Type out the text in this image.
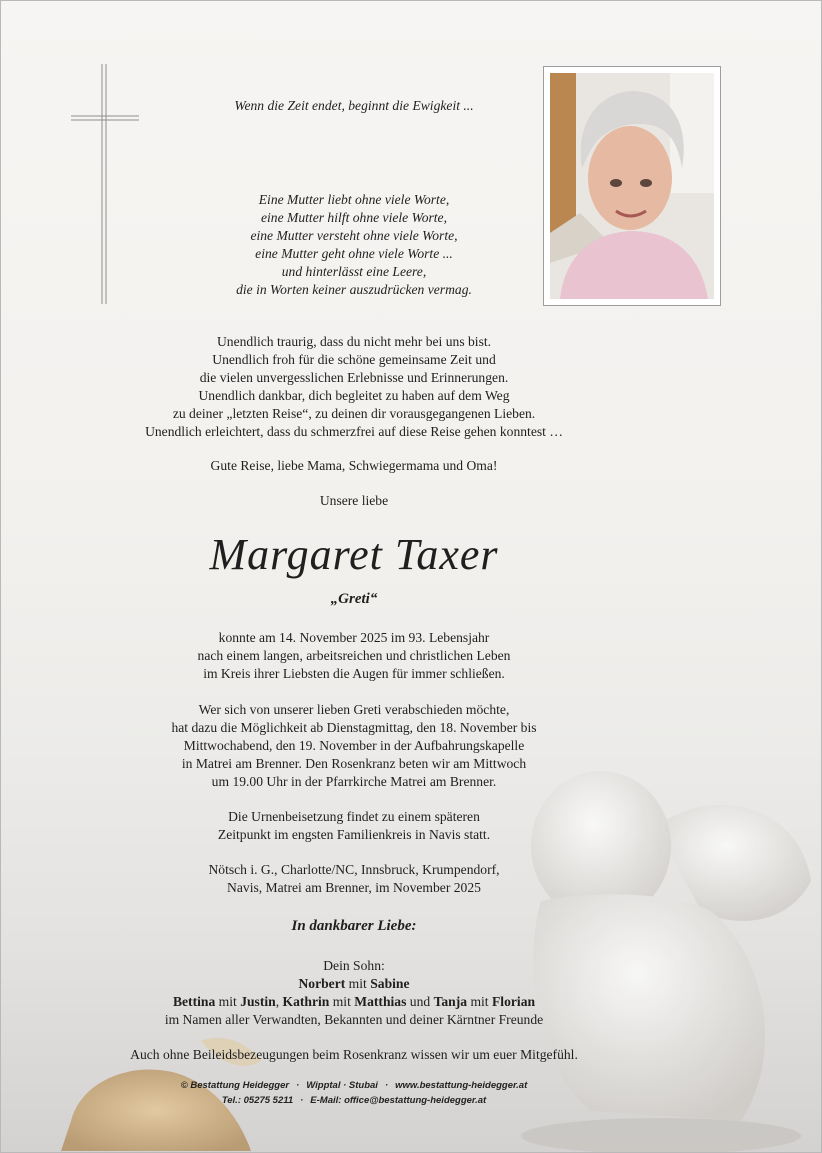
Wenn die Zeit endet, beginnt die Ewigkeit ...
Eine Mutter liebt ohne viele Worte,
eine Mutter hilft ohne viele Worte,
eine Mutter versteht ohne viele Worte,
eine Mutter geht ohne viele Worte ...
und hinterlässt eine Leere,
die in Worten keiner auszudrücken vermag.
Unendlich traurig, dass du nicht mehr bei uns bist.
Unendlich froh für die schöne gemeinsame Zeit und
die vielen unvergesslichen Erlebnisse und Erinnerungen.
Unendlich dankbar, dich begleitet zu haben auf dem Weg
zu deiner „letzten Reise“, zu deinen dir vorausgegangenen Lieben.
Unendlich erleichtert, dass du schmerzfrei auf diese Reise gehen konntest …
Gute Reise, liebe Mama, Schwiegermama und Oma!
Unsere liebe
Margaret Taxer
„Greti“
konnte am 14. November 2025 im 93. Lebensjahr
nach einem langen, arbeitsreichen und christlichen Leben
im Kreis ihrer Liebsten die Augen für immer schließen.
Wer sich von unserer lieben Greti verabschieden möchte,
hat dazu die Möglichkeit ab Dienstagmittag, den 18. November bis
Mittwochabend, den 19. November in der Aufbahrungskapelle
in Matrei am Brenner. Den Rosenkranz beten wir am Mittwoch
um 19.00 Uhr in der Pfarrkirche Matrei am Brenner.
Die Urnenbeisetzung findet zu einem späteren
Zeitpunkt im engsten Familienkreis in Navis statt.
Nötsch i. G., Charlotte/NC, Innsbruck, Krumpendorf,
Navis, Matrei am Brenner, im November 2025
In dankbarer Liebe:
Dein Sohn:
Norbert mit Sabine
Bettina mit Justin, Kathrin mit Matthias und Tanja mit Florian
im Namen aller Verwandten, Bekannten und deiner Kärntner Freunde
Auch ohne Beileidsbezeugungen beim Rosenkranz wissen wir um euer Mitgefühl.
© Bestattung Heidegger · Wipptal · Stubai · www.bestattung-heidegger.at
Tel.: 05275 5211 · E-Mail: office@bestattung-heidegger.at
